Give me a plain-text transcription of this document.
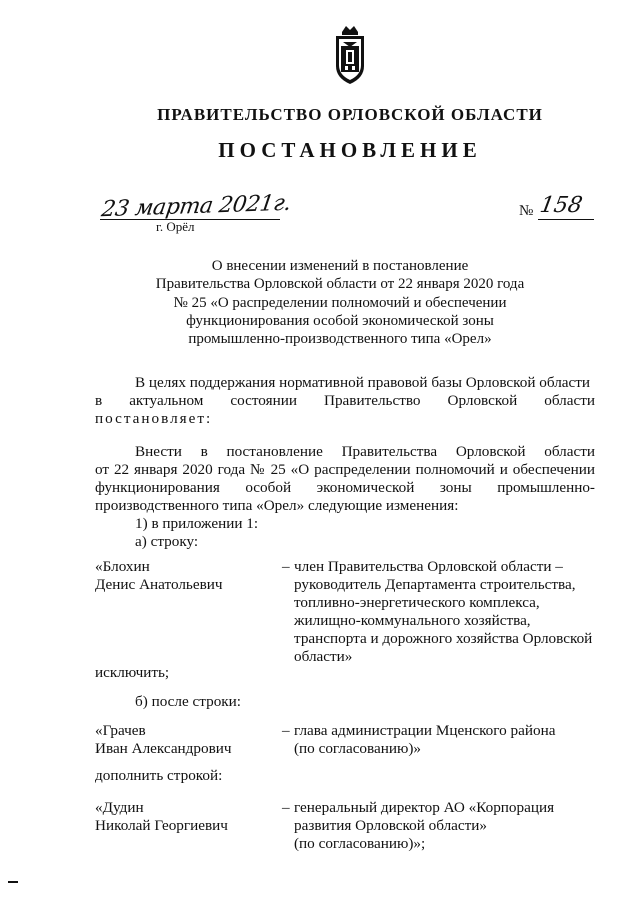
ПРАВИТЕЛЬСТВО ОРЛОВСКОЙ ОБЛАСТИ
ПОСТАНОВЛЕНИЕ
23 марта 2021г.
г. Орёл
№ 158
О внесении изменений в постановление
Правительства Орловской области от 22 января 2020 года
№ 25 «О распределении полномочий и обеспечении
функционирования особой экономической зоны
промышленно-производственного типа «Орел»
В целях поддержания нормативной правовой базы Орловской области
в актуальном состоянии Правительство Орловской области
постановляет:
Внести в постановление Правительства Орловской области
от 22 января 2020 года № 25 «О распределении полномочий и обеспечении
функционирования особой экономической зоны промышленно-
производственного типа «Орел» следующие изменения:
1) в приложении 1:
а) строку:
«Блохин
Денис Анатольевич
– член Правительства Орловской области –
руководитель Департамента строительства,
топливно-энергетического комплекса,
жилищно-коммунального хозяйства,
транспорта и дорожного хозяйства Орловской
области»
исключить;
б) после строки:
«Грачев
Иван Александрович
– глава администрации Мценского района
(по согласованию)»
дополнить строкой:
«Дудин
Николай Георгиевич
– генеральный директор АО «Корпорация
развития Орловской области»
(по согласованию)»;
